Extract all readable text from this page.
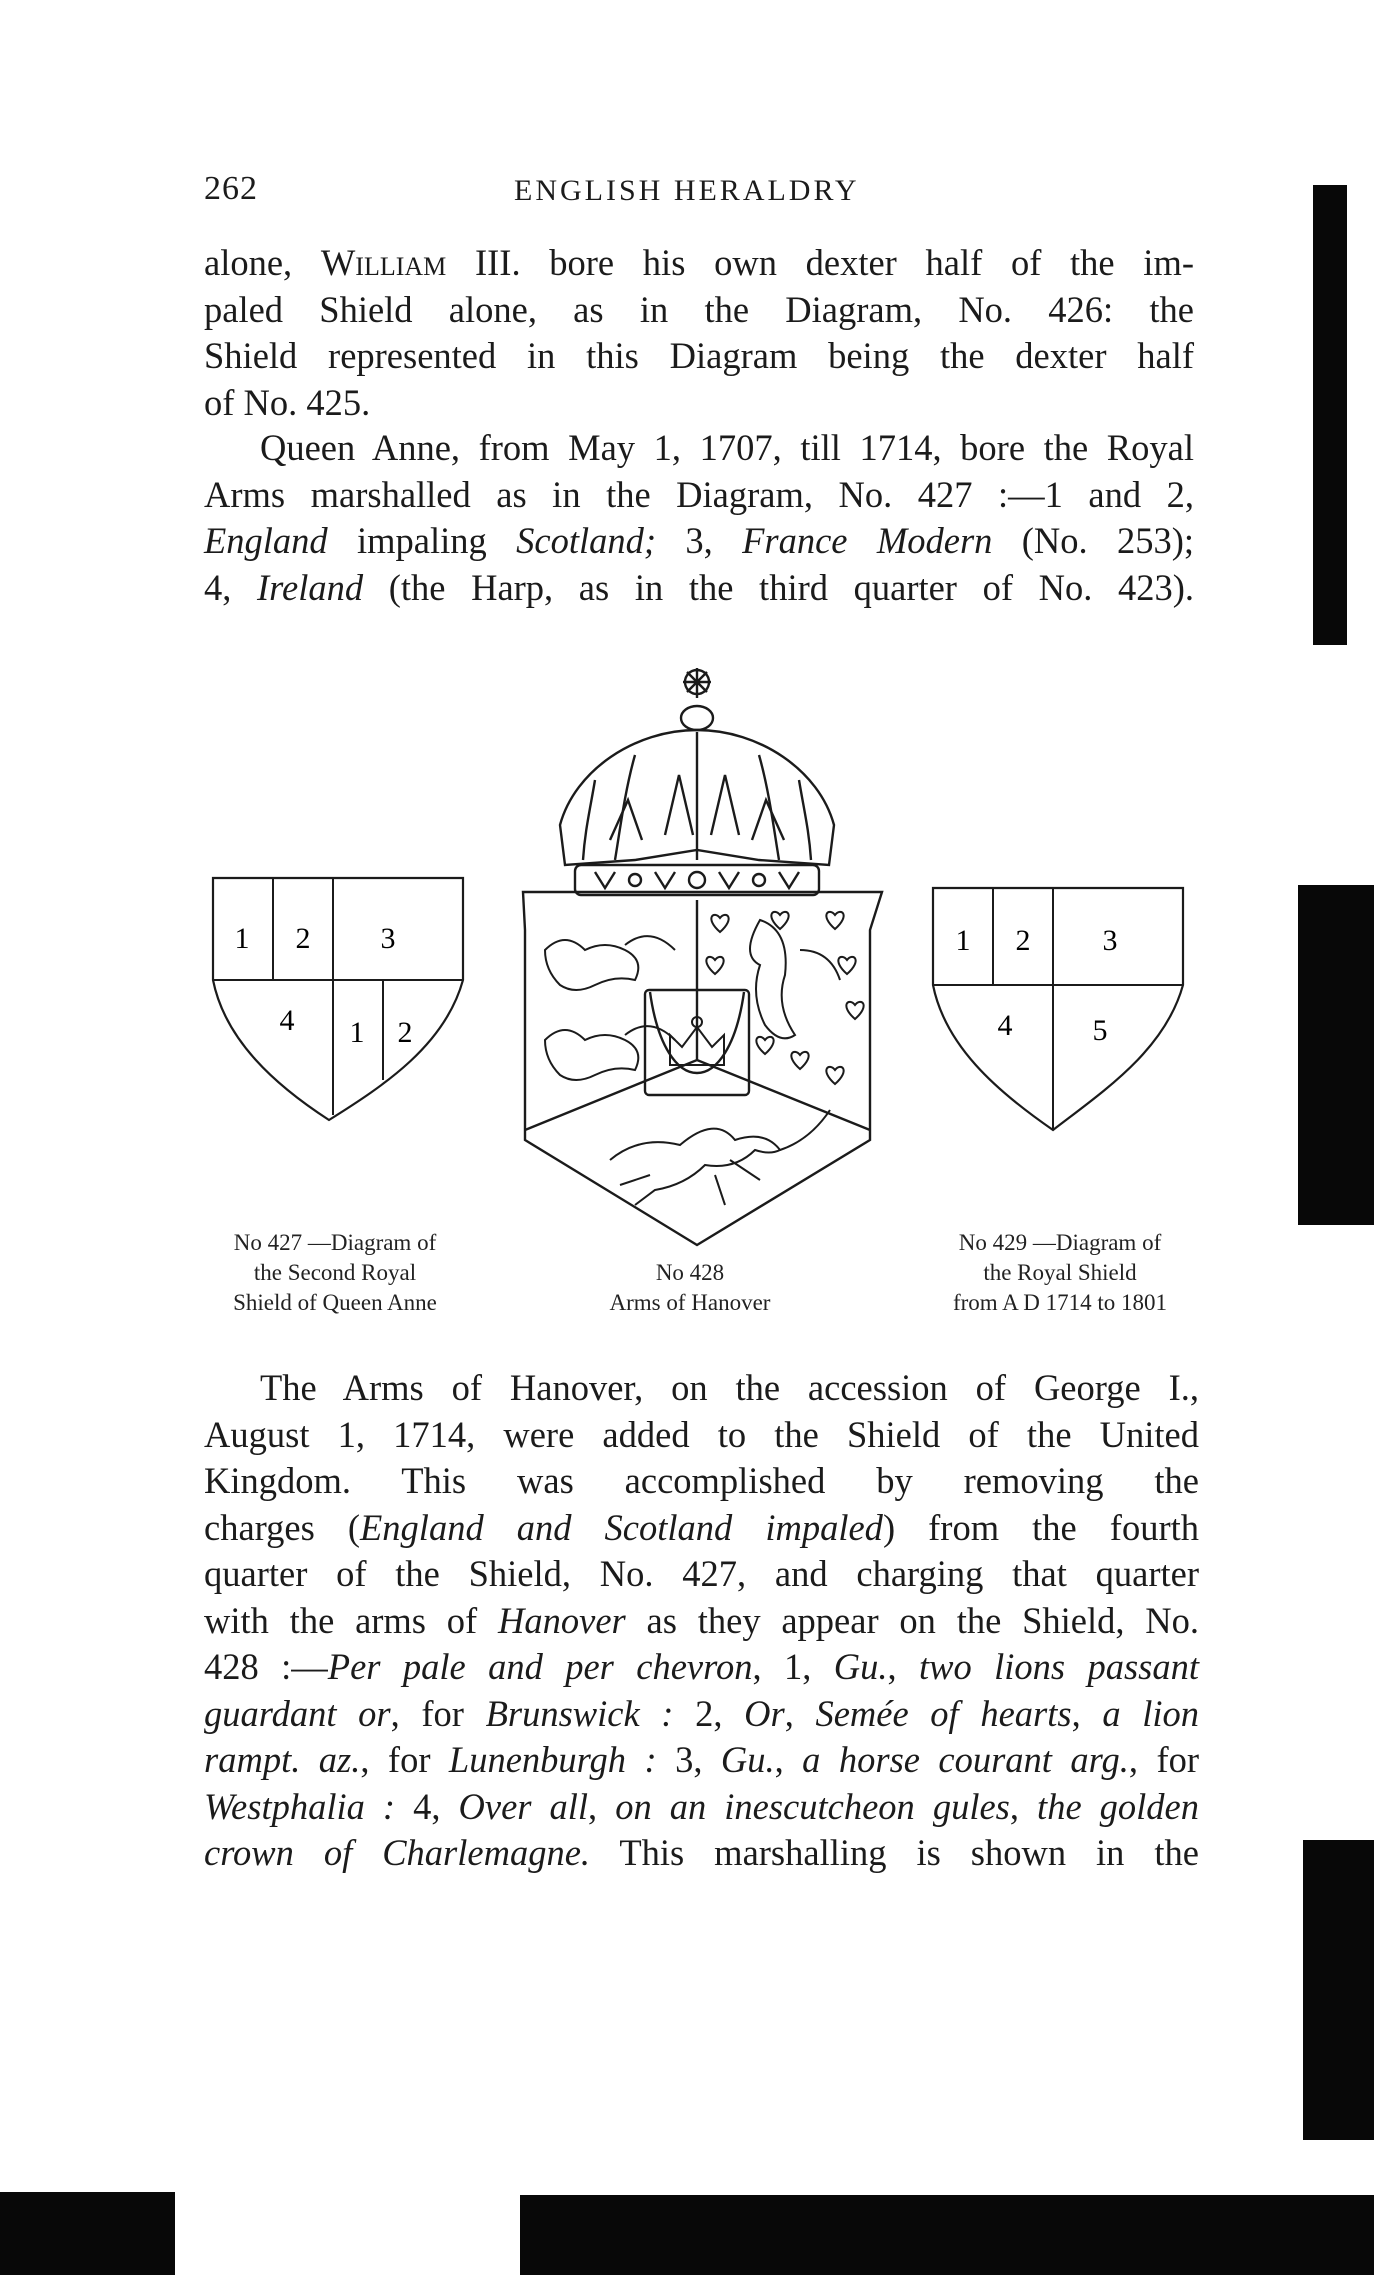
262	ENGLISH HERALDRY
alone, William III. bore his own dexter half of the im-
paled Shield alone, as in the Diagram, No. 426: the
Shield represented in this Diagram being the dexter half
of No. 425.
Queen Anne, from May 1, 1707, till 1714, bore the Royal
Arms marshalled as in the Diagram, No. 427 :—1 and 2,
England impaling Scotland; 3, France Modern (No. 253);
4, Ireland (the Harp, as in the third quarter of No. 423).
1 2 3
4 1 2
1 2 3
4	5
No 427 —Diagram of
the Second Royal
Shield of Queen Anne
No 428
Arms of Hanover
No 429 —Diagram of
the Royal Shield
from A D 1714 to 1801
The Arms of Hanover, on the accession of George I.,
August 1, 1714, were added to the Shield of the United
Kingdom. This was accomplished by removing the
charges (England and Scotland impaled) from the fourth
quarter of the Shield, No. 427, and charging that quarter
with the arms of Hanover as they appear on the Shield, No.
428 :—Per pale and per chevron, 1, Gu., two lions passant
guardant or, for Brunswick : 2, Or, Semée of hearts, a lion
rampt. az., for Lunenburgh : 3, Gu., a horse courant arg., for
Westphalia : 4, Over all, on an inescutcheon gules, the golden
crown of Charlemagne. This marshalling is shown in the
